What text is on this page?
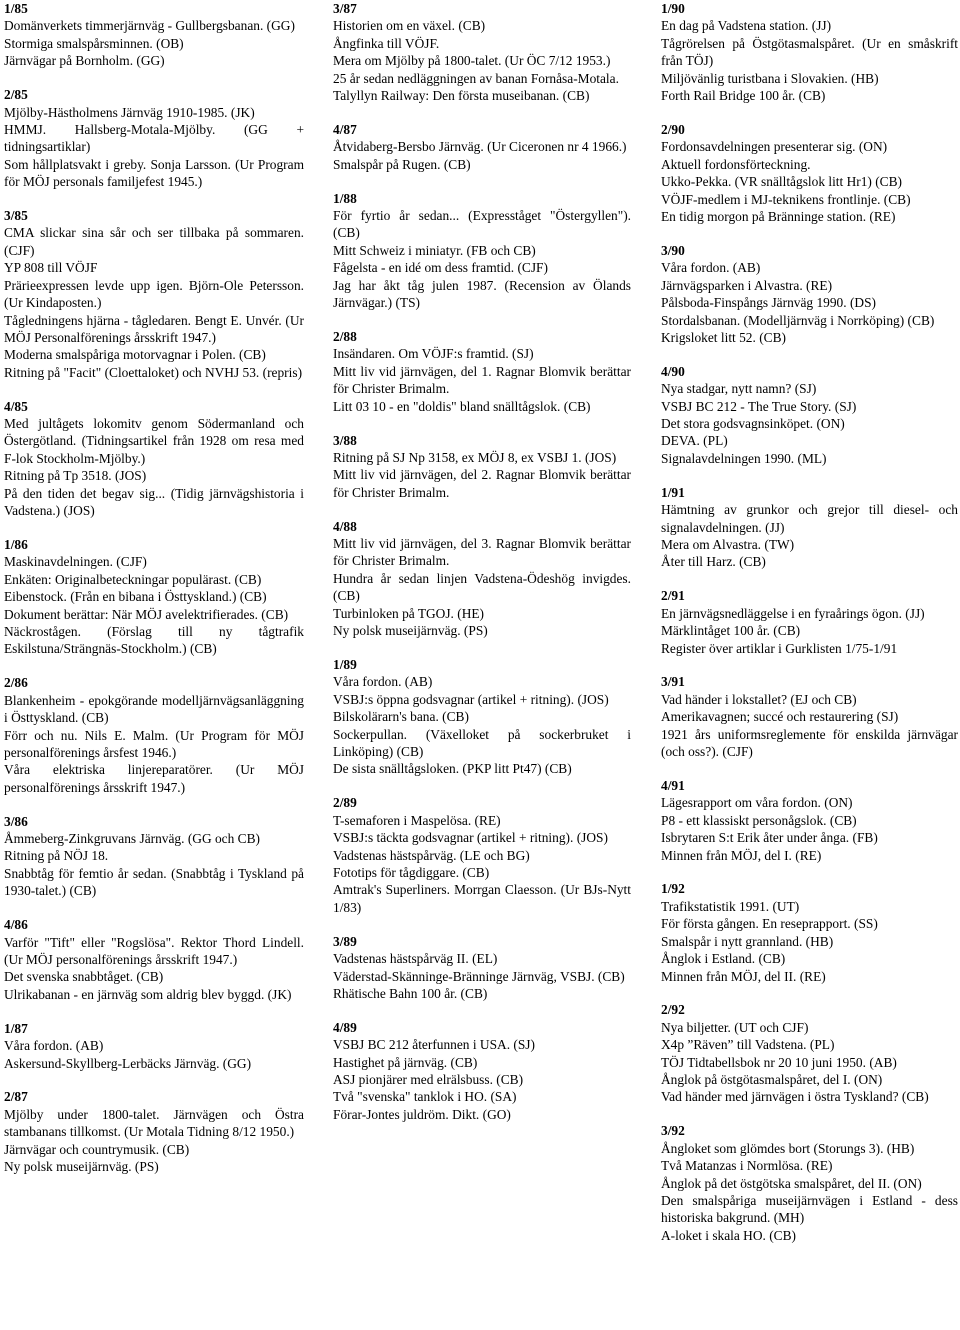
1/85
Domänverkets timmerjärnväg - Gullbergsbanan. (GG)
Stormiga smalspårsminnen. (OB)
Järnvägar på Bornholm. (GG)
2/85
Mjölby-Hästholmens Järnväg 1910-1985. (JK)
HMMJ. Hallsberg-Motala-Mjölby. (GG + tidningsartiklar)
Som hållplatsvakt i greby. Sonja Larsson. (Ur Program för MÖJ personals familjefest 1945.)
3/85
CMA slickar sina sår och ser tillbaka på sommaren. (CJF)
YP 808 till VÖJF
Prärieexpressen levde upp igen. Björn-Ole Petersson. (Ur Kindaposten.)
Tågledningens hjärna - tågledaren. Bengt E. Unvér. (Ur MÖJ Personalförenings årsskrift 1947.)
Moderna smalspåriga motorvagnar i Polen. (CB)
Ritning på "Facit" (Cloettaloket) och NVHJ 53. (repris)
4/85
Med jultågets lokomitv genom Södermanland och Östergötland. (Tidningsartikel från 1928 om resa med F-lok Stockholm-Mjölby.)
Ritning på Tp 3518. (JOS)
På den tiden det begav sig... (Tidig järnvägshistoria i Vadstena.) (JOS)
1/86
Maskinavdelningen. (CJF)
Enkäten: Originalbeteckningar populärast. (CB)
Eibenstock. (Från en bibana i Östtyskland.) (CB)
Dokument berättar: När MÖJ avelektrifierades. (CB)
Näckrostågen. (Förslag till ny tågtrafik Eskilstuna/Strängnäs-Stockholm.) (CB)
2/86
Blankenheim - epokgörande modelljärnvägsanläggning i Östtyskland. (CB)
Förr och nu. Nils E. Malm. (Ur Program för MÖJ personalförenings årsfest 1946.)
Våra elektriska linjereparatörer. (Ur MÖJ personalförenings årsskrift 1947.)
3/86
Åmmeberg-Zinkgruvans Järnväg. (GG och CB)
Ritning på NÖJ 18.
Snabbtåg för femtio år sedan. (Snabbtåg i Tyskland på 1930-talet.) (CB)
4/86
Varför "Tift" eller "Rogslösa". Rektor Thord Lindell. (Ur MÖJ personalförenings årsskrift 1947.)
Det svenska snabbtåget. (CB)
Ulrikabanan - en järnväg som aldrig blev byggd. (JK)
1/87
Våra fordon. (AB)
Askersund-Skyllberg-Lerbäcks Järnväg. (GG)
2/87
Mjölby under 1800-talet. Järnvägen och Östra stambanans tillkomst. (Ur Motala Tidning 8/12 1950.)
Järnvägar och countrymusik. (CB)
Ny polsk museijärnväg. (PS)
3/87
Historien om en växel. (CB)
Ångfinka till VÖJF.
Mera om Mjölby på 1800-talet. (Ur ÖC 7/12 1953.)
25 år sedan nedläggningen av banan Fornåsa-Motala.
Talyllyn Railway: Den första museibanan. (CB)
4/87
Åtvidaberg-Bersbo Järnväg. (Ur Ciceronen nr 4 1966.)
Smalspår på Rugen. (CB)
1/88
För fyrtio år sedan... (Expresståget "Östergyllen"). (CB)
Mitt Schweiz i miniatyr. (FB och CB)
Fågelsta - en idé om dess framtid. (CJF)
Jag har åkt tåg julen 1987. (Recension av Ölands Järnvägar.) (TS)
2/88
Insändaren. Om VÖJF:s framtid. (SJ)
Mitt liv vid järnvägen, del 1. Ragnar Blomvik berättar för Christer Brimalm.
Litt 03 10 - en "doldis" bland snälltågslok. (CB)
3/88
Ritning på SJ Np 3158, ex MÖJ 8, ex VSBJ 1. (JOS)
Mitt liv vid järnvägen, del 2. Ragnar Blomvik berättar för Christer Brimalm.
4/88
Mitt liv vid järnvägen, del 3. Ragnar Blomvik berättar för Christer Brimalm.
Hundra år sedan linjen Vadstena-Ödeshög invigdes. (CB)
Turbinloken på TGOJ. (HE)
Ny polsk museijärnväg. (PS)
1/89
Våra fordon. (AB)
VSBJ:s öppna godsvagnar (artikel + ritning). (JOS)
Bilskolärarn's bana. (CB)
Sockerpullan. (Växelloket på sockerbruket i Linköping) (CB)
De sista snälltågsloken. (PKP litt Pt47) (CB)
2/89
T-semaforen i Maspelösa. (RE)
VSBJ:s täckta godsvagnar (artikel + ritning). (JOS)
Vadstenas hästspårväg. (LE och BG)
Fototips för tågdiggare. (CB)
Amtrak's Superliners. Morrgan Claesson. (Ur BJs-Nytt 1/83)
3/89
Vadstenas hästspårväg II. (EL)
Väderstad-Skänninge-Bränninge Järnväg, VSBJ. (CB)
Rhätische Bahn 100 år. (CB)
4/89
VSBJ BC 212 återfunnen i USA. (SJ)
Hastighet på järnväg. (CB)
ASJ pionjärer med elrälsbuss. (CB)
Två "svenska" tanklok i HO. (SA)
Förar-Jontes juldröm. Dikt. (GO)
1/90
En dag på Vadstena station. (JJ)
Tågrörelsen på Östgötasmalspåret. (Ur en småskrift från TÖJ)
Miljövänlig turistbana i Slovakien. (HB)
Forth Rail Bridge 100 år. (CB)
2/90
Fordonsavdelningen presenterar sig. (ON)
Aktuell fordonsförteckning.
Ukko-Pekka. (VR snälltågslok litt Hr1) (CB)
VÖJF-medlem i MJ-teknikens frontlinje. (CB)
En tidig morgon på Bränninge station. (RE)
3/90
Våra fordon. (AB)
Järnvägsparken i Alvastra. (RE)
Pålsboda-Finspångs Järnväg 1990. (DS)
Stordalsbanan. (Modelljärnväg i Norrköping) (CB)
Krigsloket litt 52. (CB)
4/90
Nya stadgar, nytt namn? (SJ)
VSBJ BC 212 - The True Story. (SJ)
Det stora godsvagnsinköpet. (ON)
DEVA. (PL)
Signalavdelningen 1990. (ML)
1/91
Hämtning av grunkor och grejor till diesel- och signalavdelningen. (JJ)
Mera om Alvastra. (TW)
Åter till Harz. (CB)
2/91
En järnvägsnedläggelse i en fyraårings ögon. (JJ)
Märklintåget 100 år. (CB)
Register över artiklar i Gurklisten 1/75-1/91
3/91
Vad händer i lokstallet? (EJ och CB)
Amerikavagnen; succé och restaurering (SJ)
1921 års uniformsreglemente för enskilda järnvägar (och oss?). (CJF)
4/91
Lägesrapport om våra fordon. (ON)
P8 - ett klassiskt personågslok. (CB)
Isbrytaren S:t Erik åter under ånga. (FB)
Minnen från MÖJ, del I. (RE)
1/92
Trafikstatistik 1991. (UT)
För första gången. En reseprapport. (SS)
Smalspår i nytt grannland. (HB)
Ånglok i Estland. (CB)
Minnen från MÖJ, del II. (RE)
2/92
Nya biljetter. (UT och CJF)
X4p ”Räven” till Vadstena. (PL)
TÖJ Tidtabellsbok nr 20 10 juni 1950. (AB)
Ånglok på östgötasmalspåret, del I. (ON)
Vad händer med järnvägen i östra Tyskland? (CB)
3/92
Ångloket som glömdes bort (Storungs 3). (HB)
Två Matanzas i Normlösa. (RE)
Ånglok på det östgötska smalspåret, del II. (ON)
Den smalspåriga museijärnvägen i Estland - dess historiska bakgrund. (MH)
A-loket i skala HO. (CB)
